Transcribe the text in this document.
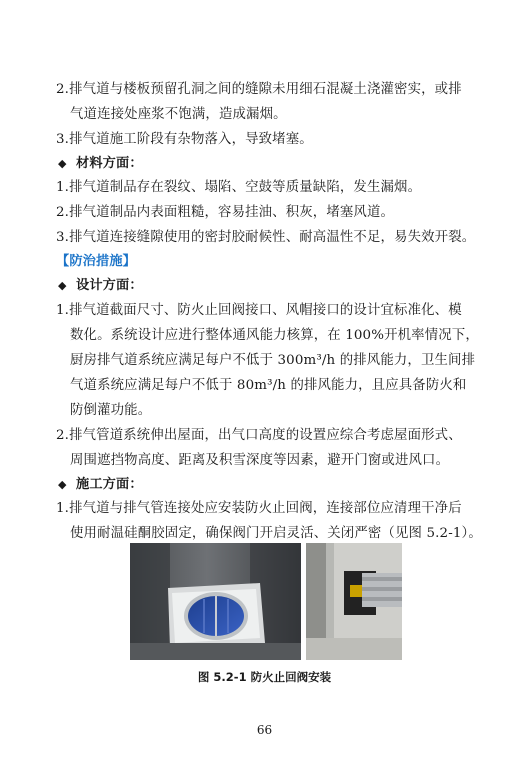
2.排气道与楼板预留孔洞之间的缝隙未用细石混凝土浇灌密实，或排
气道连接处座浆不饱满，造成漏烟。
3.排气道施工阶段有杂物落入，导致堵塞。
◆ 材料方面：
1.排气道制品存在裂纹、塌陷、空鼓等质量缺陷，发生漏烟。
2.排气道制品内表面粗糙，容易挂油、积灰，堵塞风道。
3.排气道连接缝隙使用的密封胶耐候性、耐高温性不足，易失效开裂。
【防治措施】
◆ 设计方面：
1.排气道截面尺寸、防火止回阀接口、风帽接口的设计宜标准化、模
数化。系统设计应进行整体通风能力核算，在 100%开机率情况下，
厨房排气道系统应满足每户不低于 300m³/h 的排风能力，卫生间排
气道系统应满足每户不低于 80m³/h 的排风能力，且应具备防火和
防倒灌功能。
2.排气管道系统伸出屋面，出气口高度的设置应综合考虑屋面形式、
周围遮挡物高度、距离及积雪深度等因素，避开门窗或进风口。
◆ 施工方面：
1.排气道与排气管连接处应安装防火止回阀，连接部位应清理干净后
使用耐温硅酮胶固定，确保阀门开启灵活、关闭严密（见图 5.2-1）。
图 5.2-1 防火止回阀安装
66
